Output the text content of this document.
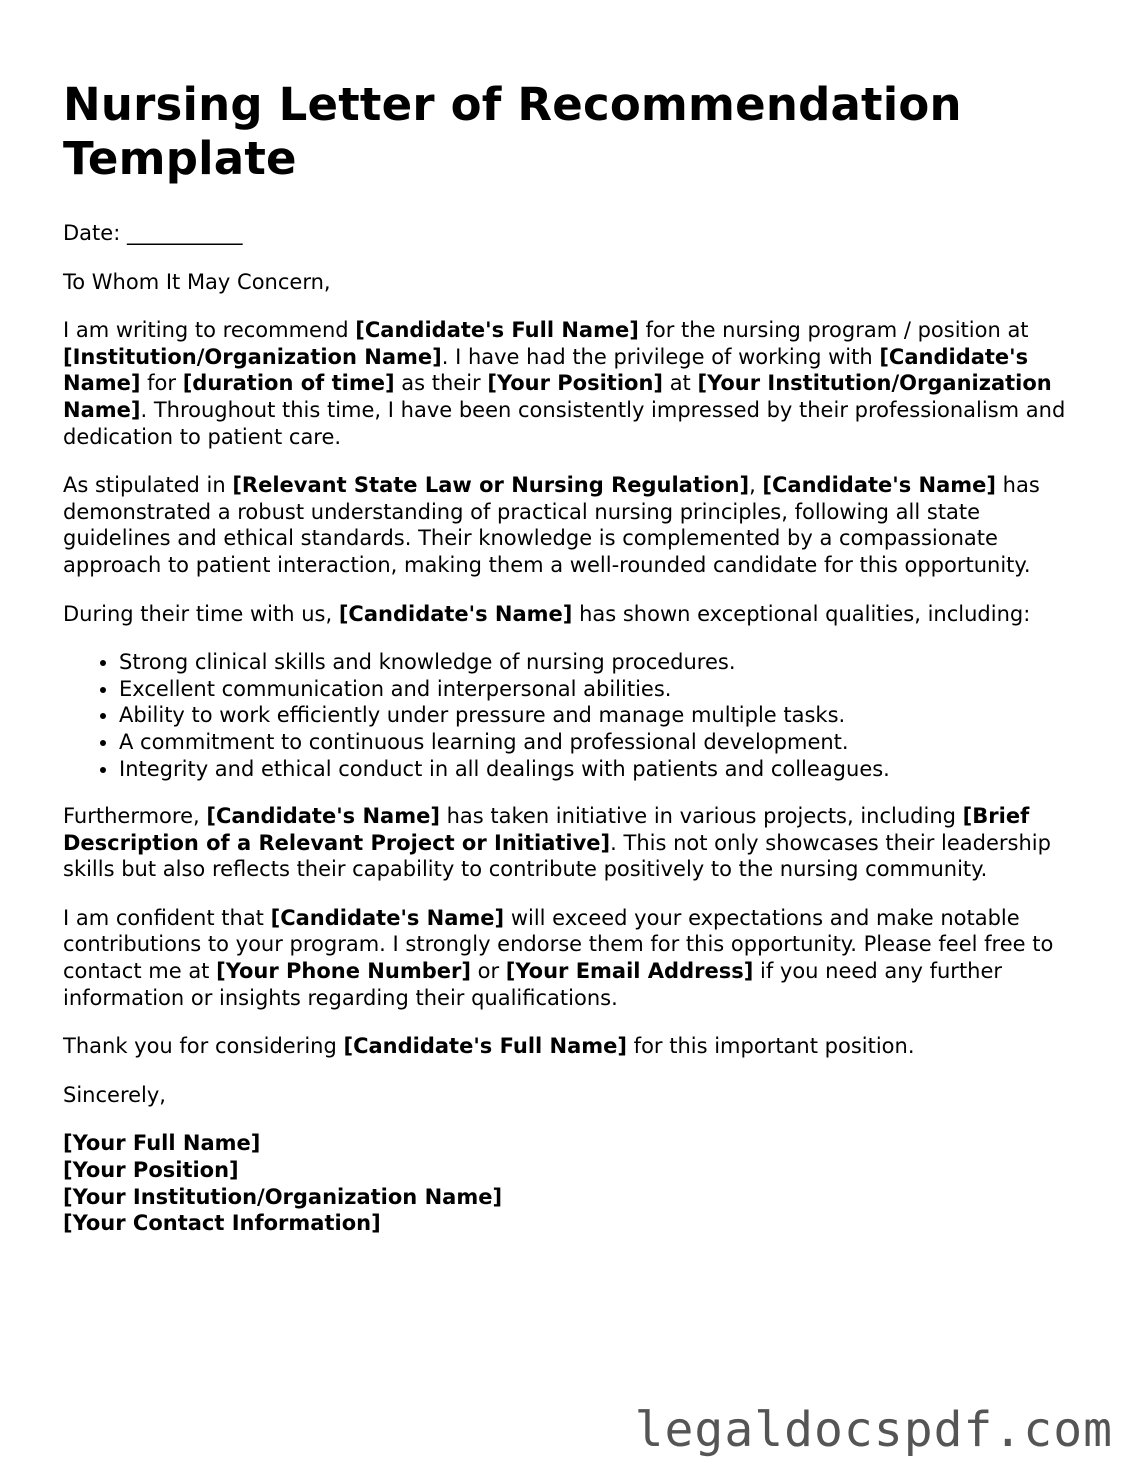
Nursing Letter of Recommendation Template

Date: ___________

To Whom It May Concern,

I am writing to recommend [Candidate's Full Name] for the nursing program / position at [Institution/Organization Name]. I have had the privilege of working with [Candidate's Name] for [duration of time] as their [Your Position] at [Your Institution/Organization Name]. Throughout this time, I have been consistently impressed by their professionalism and dedication to patient care.

As stipulated in [Relevant State Law or Nursing Regulation], [Candidate's Name] has demonstrated a robust understanding of practical nursing principles, following all state guidelines and ethical standards. Their knowledge is complemented by a compassionate approach to patient interaction, making them a well-rounded candidate for this opportunity.

During their time with us, [Candidate's Name] has shown exceptional qualities, including:

• Strong clinical skills and knowledge of nursing procedures.
• Excellent communication and interpersonal abilities.
• Ability to work efficiently under pressure and manage multiple tasks.
• A commitment to continuous learning and professional development.
• Integrity and ethical conduct in all dealings with patients and colleagues.

Furthermore, [Candidate's Name] has taken initiative in various projects, including [Brief Description of a Relevant Project or Initiative]. This not only showcases their leadership skills but also reflects their capability to contribute positively to the nursing community.

I am confident that [Candidate's Name] will exceed your expectations and make notable contributions to your program. I strongly endorse them for this opportunity. Please feel free to contact me at [Your Phone Number] or [Your Email Address] if you need any further information or insights regarding their qualifications.

Thank you for considering [Candidate's Full Name] for this important position.

Sincerely,

[Your Full Name]

[Your Position]

[Your Institution/Organization Name]

[Your Contact Information]

legaldocspdf.com
